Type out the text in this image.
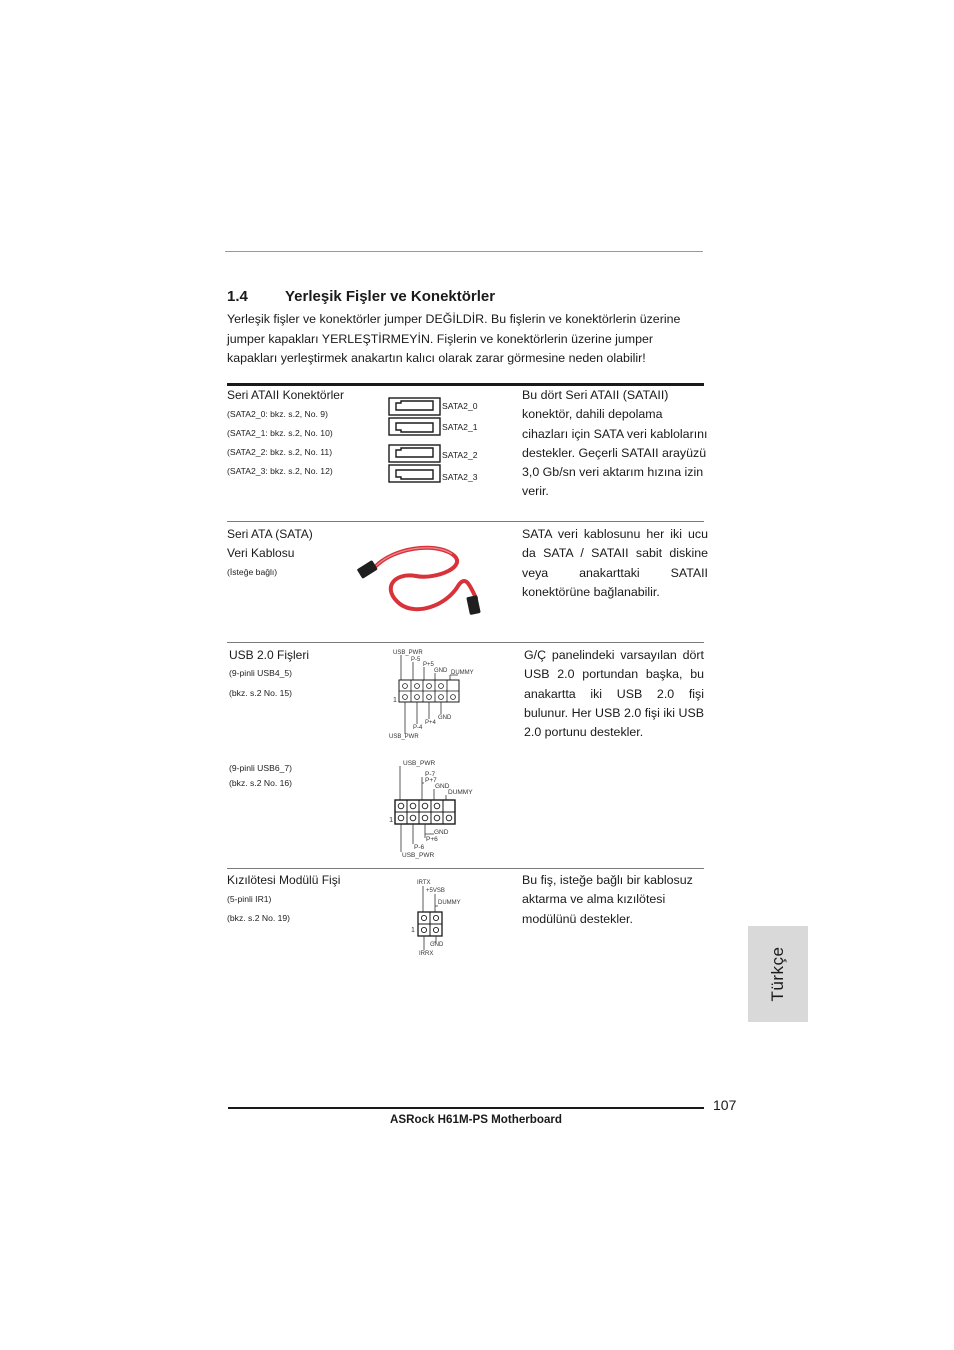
1.4 Yerleşik Fişler ve Konektörler
Yerleşik fişler ve konektörler jumper DEĞİLDİR. Bu fişlerin ve konektörlerin üzerine jumper kapakları YERLEŞTİRMEYİN. Fişlerin ve konektörlerin üzerine jumper kapakları yerleştirmek anakartın kalıcı olarak zarar görmesine neden olabilir!
Seri ATAII Konektörler
(SATA2_0: bkz. s.2, No. 9)
(SATA2_1: bkz. s.2, No. 10)
(SATA2_2: bkz. s.2, No. 11)
(SATA2_3: bkz. s.2, No. 12)
SATA2_0
SATA2_1
SATA2_2
SATA2_3
Bu dört Seri ATAII (SATAII) konektör, dahili depolama cihazları için SATA veri kablolarını destekler. Geçerli SATAII arayüzü 3,0 Gb/sn veri aktarım hızına izin verir.
Seri ATA (SATA)
Veri Kablosu
(İsteğe bağlı)
SATA veri kablosunu her iki ucu da SATA / SATAII sabit diskine veya anakarttaki SATAII konektörüne bağlanabilir.
USB 2.0 Fişleri
(9-pinli USB4_5)
(bkz. s.2 No. 15)
G/Ç panelindeki varsayılan dört USB 2.0 portundan başka, bu anakartta iki USB 2.0 fişi bulunur. Her USB 2.0 fişi iki USB 2.0 portunu destekler.
USB_PWR
P-5
P+5
GND DUMMY
1
GND
P+4
P-4
USB_PWR
(9-pinli USB6_7)
(bkz. s.2 No. 16)
USB_PWR
P-7
P+7
GND
DUMMY
1
GND
P+6
P-6
USB_PWR
Kızılötesi Modülü Fişi
(5-pinli IR1)
(bkz. s.2 No. 19)
IRTX
+5VSB
DUMMY
1
GND
IRRX
Bu fiş, isteğe bağlı bir kablosuz aktarma ve alma kızılötesi modülünü destekler.
Türkçe
107
ASRock H61M-PS Motherboard
